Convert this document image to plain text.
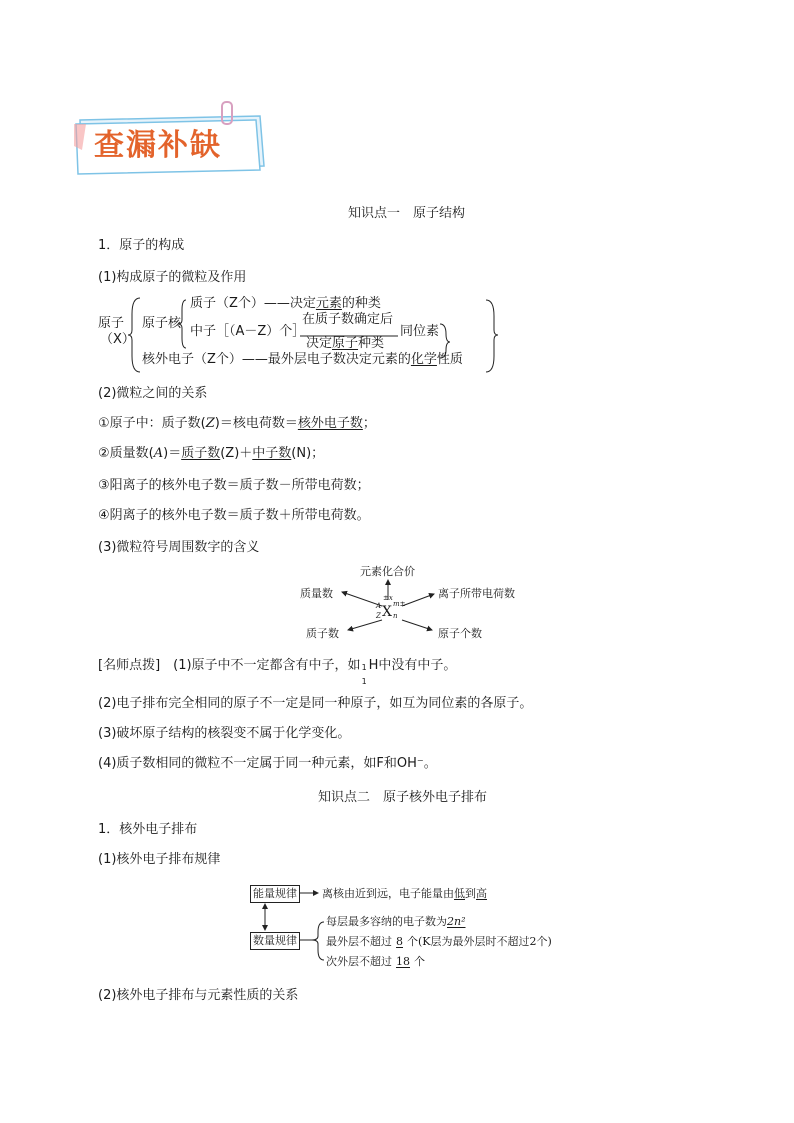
查漏补缺
知识点一　原子结构
1．原子的构成
(1)构成原子的微粒及作用
原子
（X）
原子核
质子（Z个）——决定元素的种类
中子［（A－Z）个］
在质子数确定后
决定原子种类
同位素
核外电子（Z个）——最外层电子数决定元素的化学性质
(2)微粒之间的关系
①原子中：质子数(Z)＝核电荷数＝核外电子数；
②质量数(A)＝质子数(Z)＋中子数(N)；
③阳离子的核外电子数＝质子数－所带电荷数；
④阴离子的核外电子数＝质子数＋所带电荷数。
(3)微粒符号周围数字的含义
元素化合价
质量数	离子所带电荷数
质子数	原子个数
±x
A
Z X m±
n
[名师点拨]　(1)原子中不一定都含有中子，如 1
1
H中没有中子。
(2)电子排布完全相同的原子不一定是同一种原子，如互为同位素的各原子。
(3)破坏原子结构的核裂变不属于化学变化。
(4)质子数相同的微粒不一定属于同一种元素，如F和OH⁻。
知识点二　原子核外电子排布
1．核外电子排布
(1)核外电子排布规律
能量规律
数量规律
离核由近到远，电子能量由低到高
每层最多容纳的电子数为2n²
最外层不超过 8 个(K层为最外层时不超过2个)
次外层不超过 18 个
(2)核外电子排布与元素性质的关系
